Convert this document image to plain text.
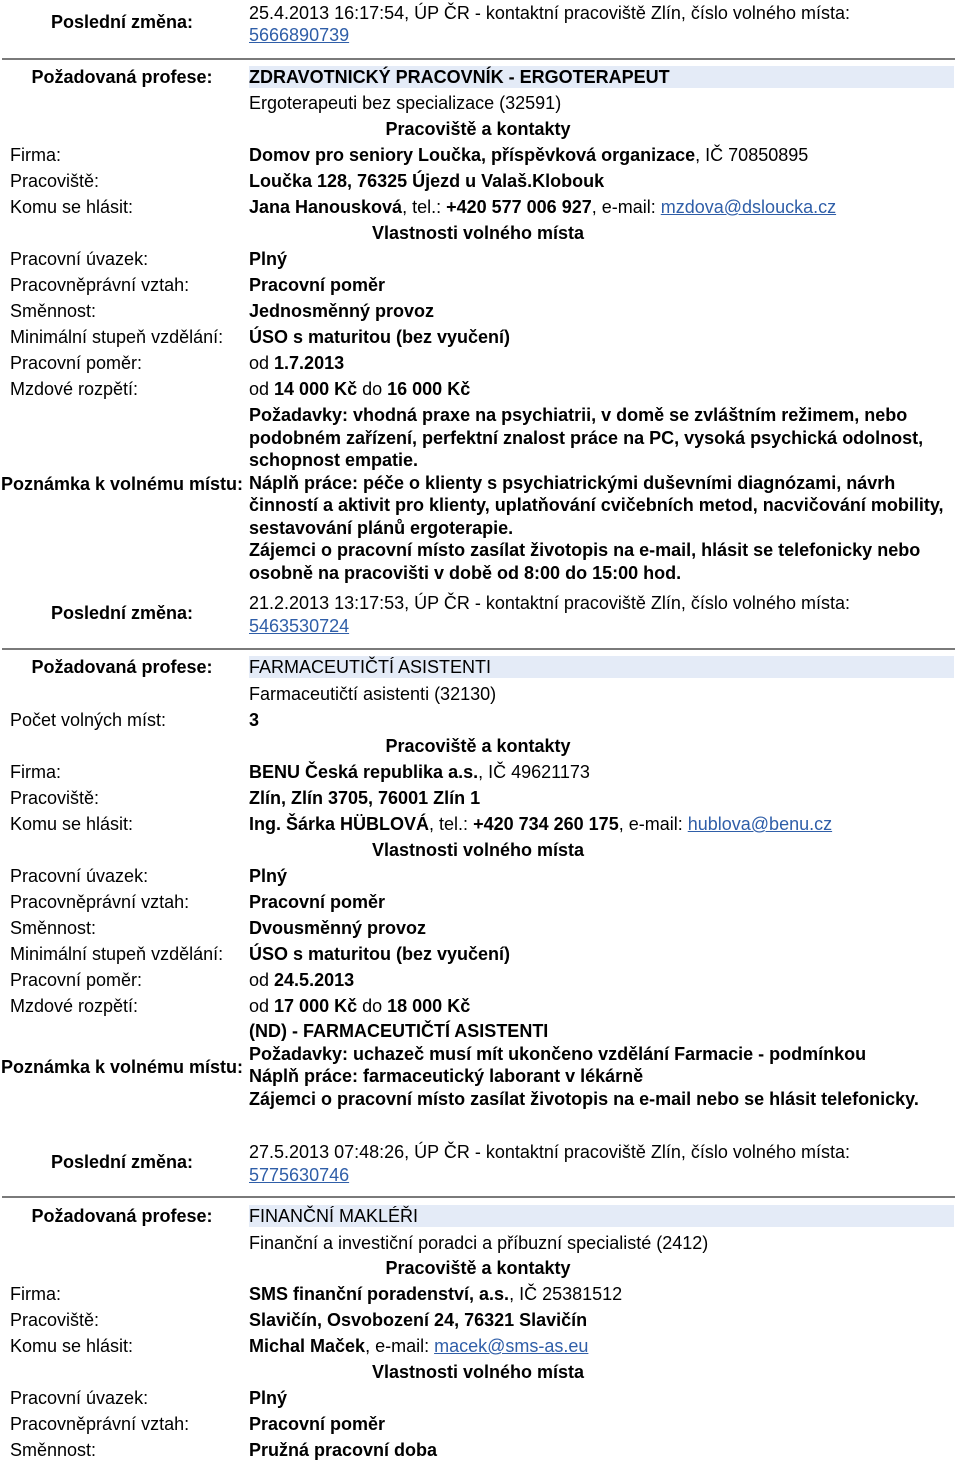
Poslední změna:	25.4.2013 16:17:54, ÚP ČR - kontaktní pracoviště Zlín, číslo volného místa:
5666890739
Požadovaná profese:	ZDRAVOTNICKÝ PRACOVNÍK - ERGOTERAPEUT
Ergoterapeuti bez specializace (32591)
Pracoviště a kontakty
Firma:	Domov pro seniory Loučka, příspěvková organizace, IČ 70850895
Pracoviště:	Loučka 128, 76325 Újezd u Valaš.Klobouk
Komu se hlásit:	Jana Hanousková, tel.: +420 577 006 927, e-mail: mzdova@dsloucka.cz
Vlastnosti volného místa
Pracovní úvazek:	Plný
Pracovněprávní vztah:	Pracovní poměr
Směnnost:	Jednosměnný provoz
Minimální stupeň vzdělání: ÚSO s maturitou (bez vyučení)
Pracovní poměr:	od 1.7.2013
Mzdové rozpětí:	od 14 000 Kč do 16 000 Kč
Poznámka k volnému místu:

Požadavky: vhodná praxe na psychiatrii, v domě se zvláštním režimem, nebo podobném zařízení, perfektní znalost práce na PC, vysoká psychická odolnost, schopnost empatie.

Náplň práce: péče o klienty s psychiatrickými duševními diagnózami, návrh činností a aktivit pro klienty, uplatňování cvičebních metod, nacvičování mobility, sestavování plánů ergoterapie.

Zájemci o pracovní místo zasílat životopis na e-mail, hlásit se telefonicky nebo osobně na pracovišti v době od 8:00 do 15:00 hod.

Poslední změna:	21.2.2013 13:17:53, ÚP ČR - kontaktní pracoviště Zlín, číslo volného místa:
5463530724
Požadovaná profese:	FARMACEUTIČTÍ ASISTENTI
Farmaceutičtí asistenti (32130)
Počet volných míst:	3
Pracoviště a kontakty
Firma:	BENU Česká republika a.s., IČ 49621173
Pracoviště:	Zlín, Zlín 3705, 76001 Zlín 1
Komu se hlásit:	Ing. Šárka HÜBLOVÁ, tel.: +420 734 260 175, e-mail: hublova@benu.cz
Vlastnosti volného místa
Pracovní úvazek:	Plný
Pracovněprávní vztah:	Pracovní poměr
Směnnost:	Dvousměnný provoz
Minimální stupeň vzdělání: ÚSO s maturitou (bez vyučení)
Pracovní poměr:	od 24.5.2013
Mzdové rozpětí:	od 17 000 Kč do 18 000 Kč
Poznámka k volnému místu:

(ND) - FARMACEUTIČTÍ ASISTENTI

Požadavky: uchazeč musí mít ukončeno vzdělání Farmacie - podmínkou

Náplň práce: farmaceutický laborant v lékárně

Zájemci o pracovní místo zasílat životopis na e-mail nebo se hlásit telefonicky.

Poslední změna:	27.5.2013 07:48:26, ÚP ČR - kontaktní pracoviště Zlín, číslo volného místa:
5775630746
Požadovaná profese:	FINANČNÍ MAKLÉŘI
Finanční a investiční poradci a příbuzní specialisté (2412)
Pracoviště a kontakty
Firma:	SMS finanční poradenství, a.s., IČ 25381512
Pracoviště:	Slavičín, Osvobození 24, 76321 Slavičín
Komu se hlásit:	Michal Maček, e-mail: macek@sms-as.eu
Vlastnosti volného místa
Pracovní úvazek:	Plný
Pracovněprávní vztah:	Pracovní poměr
Směnnost:	Pružná pracovní doba
